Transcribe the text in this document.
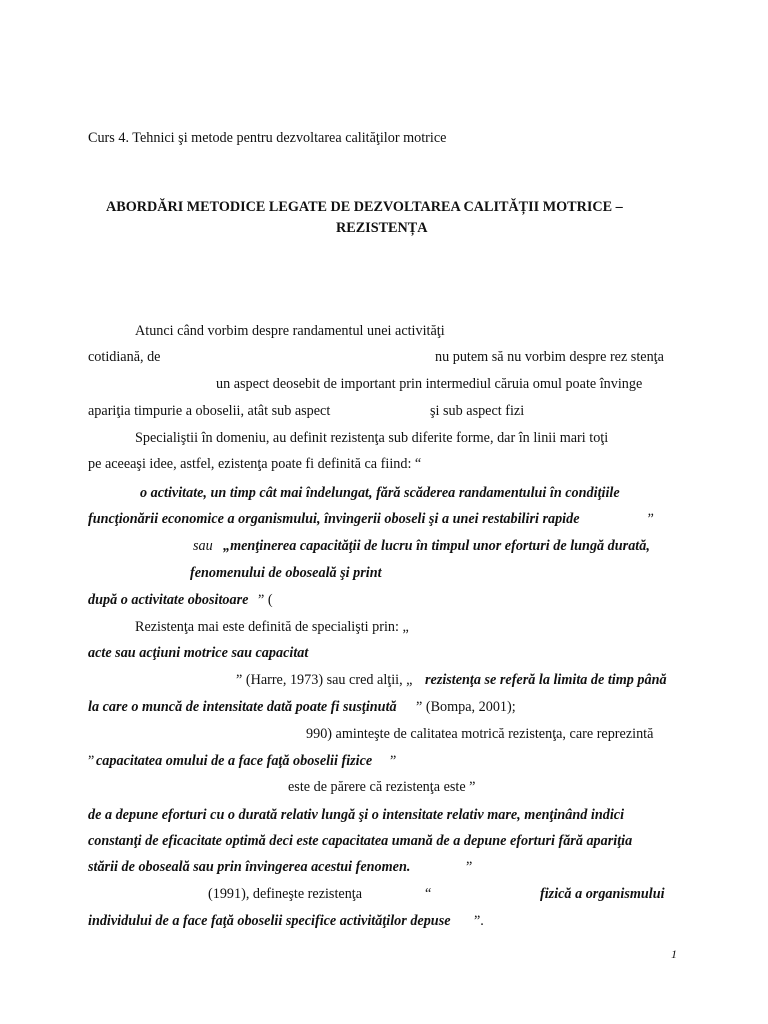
Curs 4. Tehnici şi metode pentru dezvoltarea calităţilor motrice
ABORDĂRI METODICE LEGATE DE DEZVOLTAREA CALITĂȚII MOTRICE –
REZISTENȚA
Atunci când vorbim despre randamentul unei activităţi
cotidiană, de	nu putem să nu vorbim despre rez stenţa
un aspect deosebit de important prin intermediul căruia omul poate învinge
apariţia timpurie a oboselii, atât sub aspect	şi sub aspect fizi
Specialiştii în domeniu, au definit rezistenţa sub diferite forme, dar în linii mari toţi
pe aceeaşi idee, astfel, ezistenţa poate fi definită ca fiind: “
o activitate, un timp cât mai îndelungat, fără scăderea randamentului în condiţiile
funcţionării economice a organismului, învingerii oboseli şi a unei restabiliri rapide	”
sau „menţinerea capacităţii de lucru în timpul unor eforturi de lungă durată,
fenomenului de oboseală şi print
după o activitate obositoare ” (
Rezistenţa mai este definită de specialişti prin: „
acte sau acţiuni motrice sau capacitat
” (Harre, 1973) sau cred alţii, „ rezistenţa se referă la limita de timp până
la care o muncă de intensitate dată poate fi susţinută ” (Bompa, 2001);
990) aminteşte de calitatea motrică rezistenţa, care reprezintă
” capacitatea omului de a face faţă oboselii fizice ”
este de părere că rezistenţa este ”
de a depune eforturi cu o durată relativ lungă şi o intensitate relativ mare, menţinând indici
constanţi de eficacitate optimă deci este capacitatea umană de a depune eforturi fără apariţia
stării de oboseală sau prin învingerea acestui fenomen.	”
(1991), defineşte rezistenţa	“	fizică a organismului
individului de a face faţă oboselii specifice activităţilor depuse ”.
1
